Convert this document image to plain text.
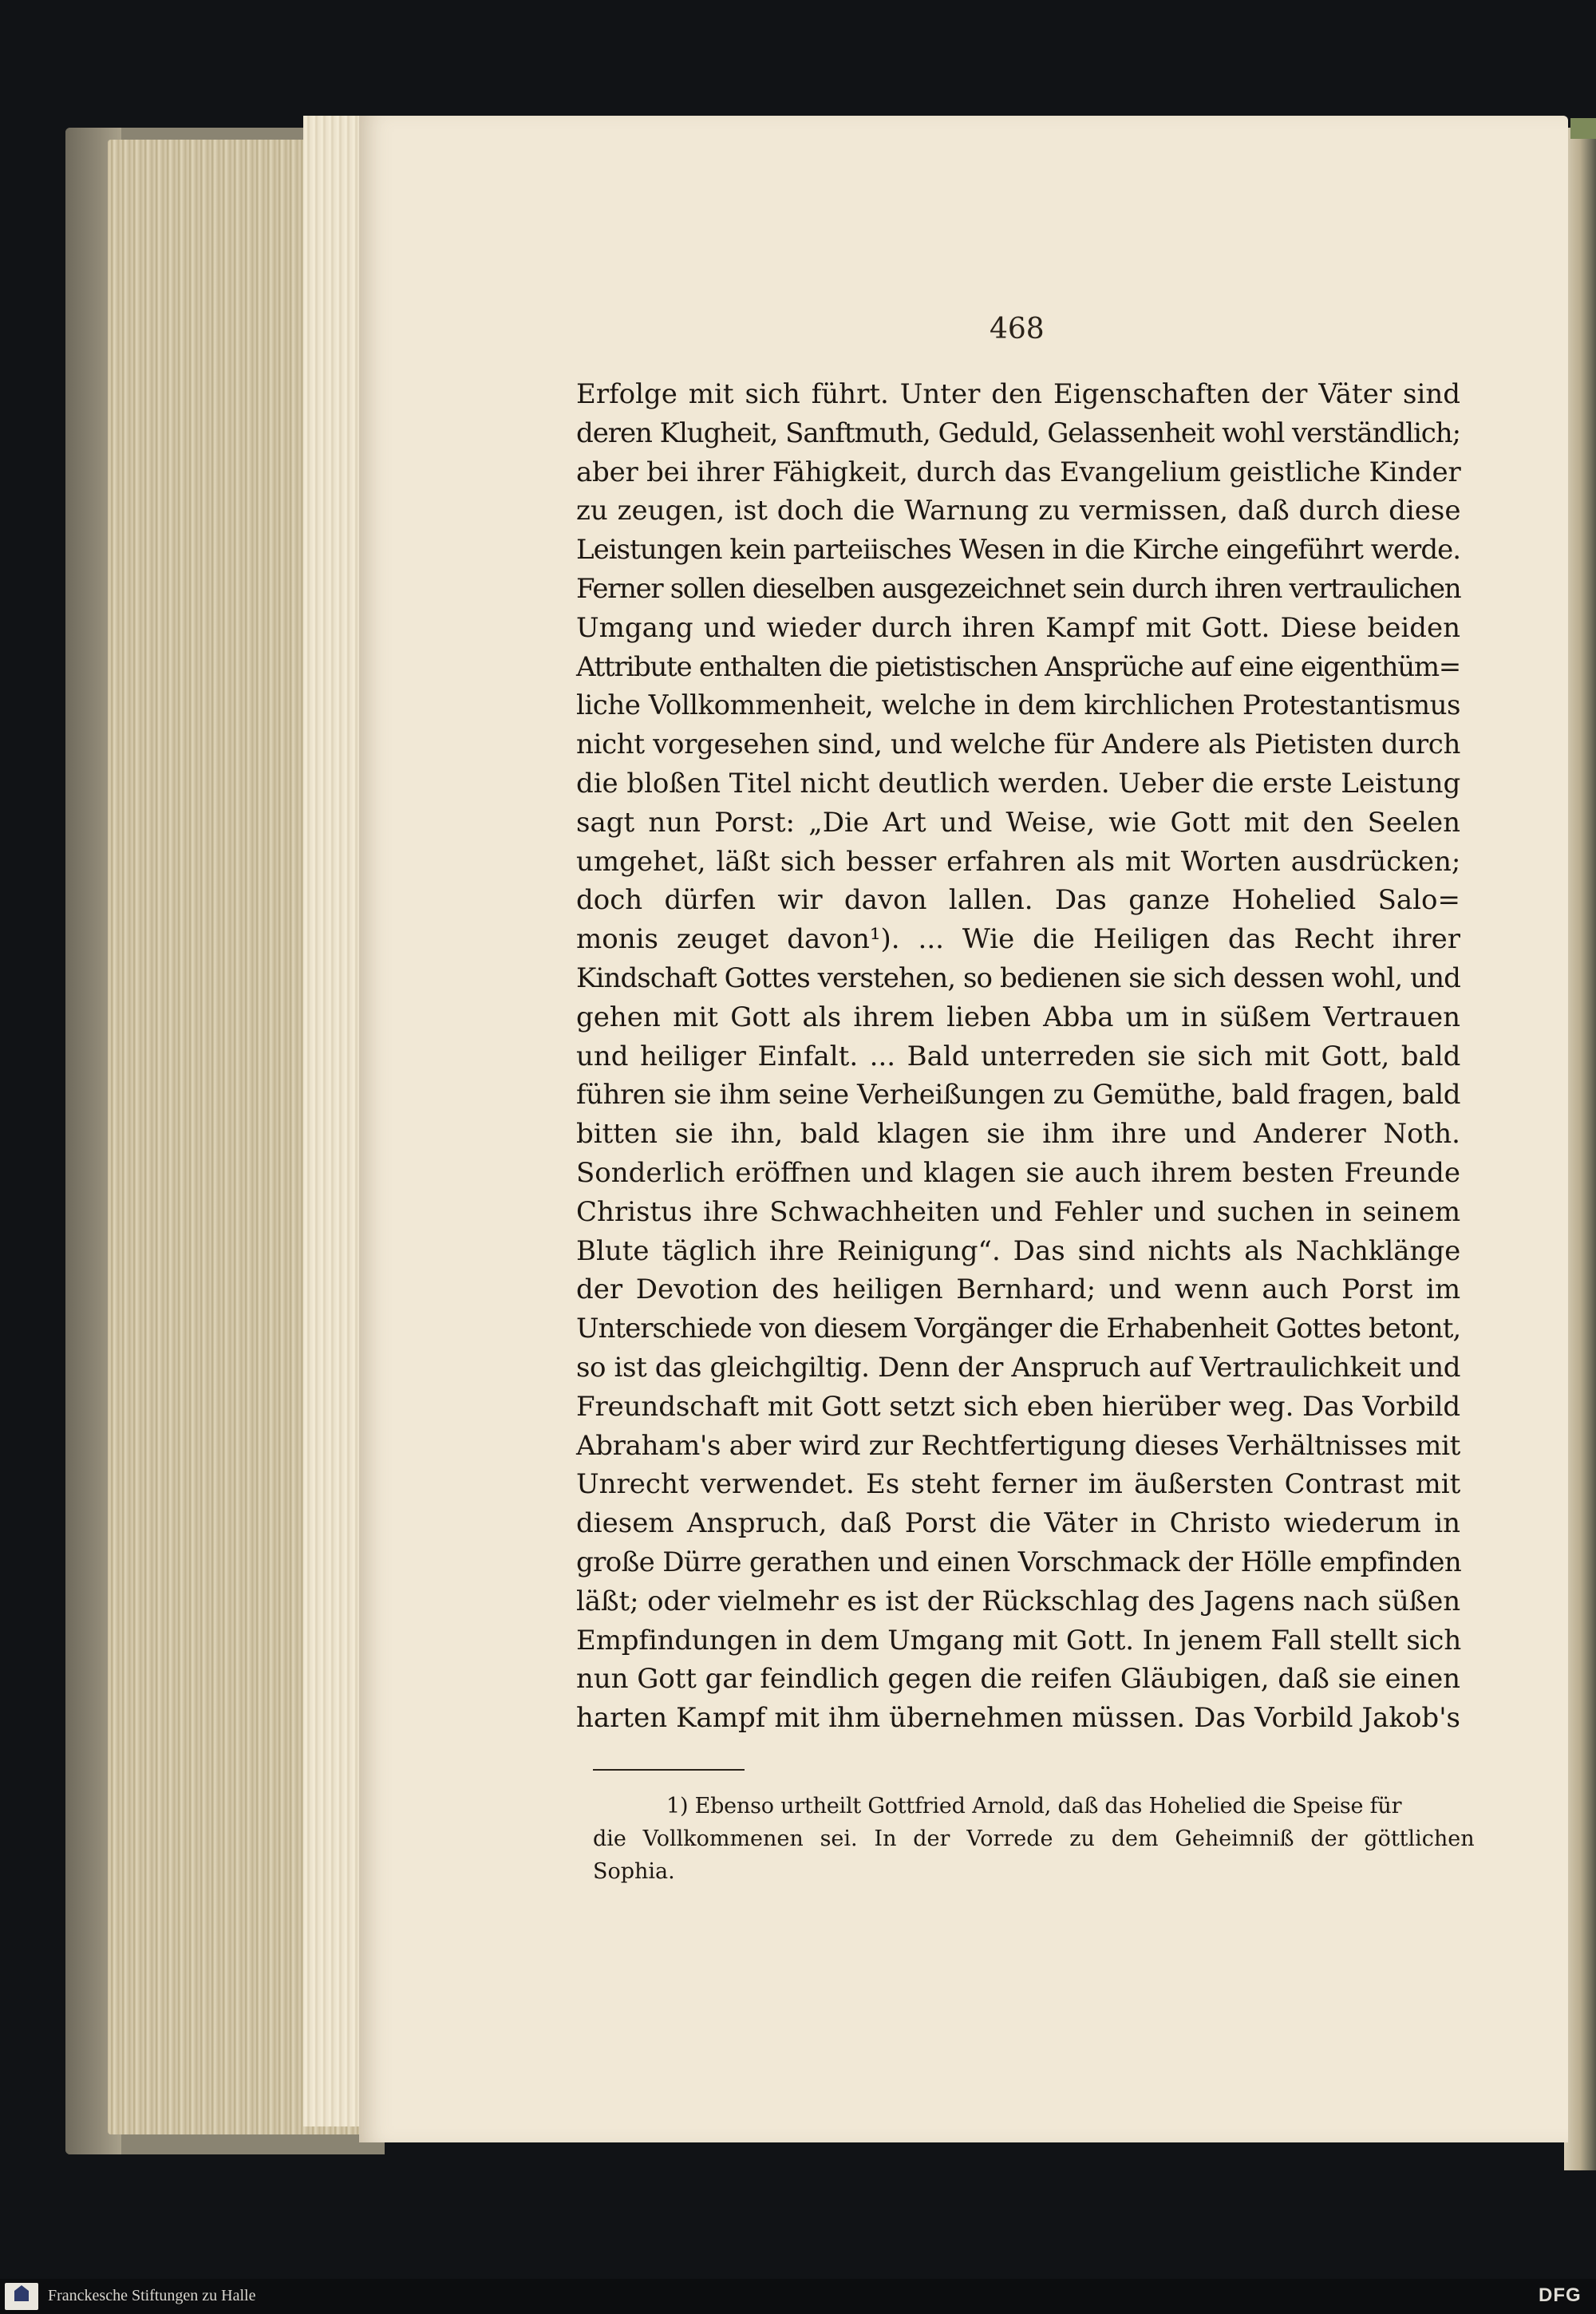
468
Erfolge mit sich führt. Unter den Eigenschaften der Väter sind
deren Klugheit, Sanftmuth, Geduld, Gelassenheit wohl verständlich;
aber bei ihrer Fähigkeit, durch das Evangelium geistliche Kinder
zu zeugen, ist doch die Warnung zu vermissen, daß durch diese
Leistungen kein parteiisches Wesen in die Kirche eingeführt werde.
Ferner sollen dieselben ausgezeichnet sein durch ihren vertraulichen
Umgang und wieder durch ihren Kampf mit Gott. Diese beiden
Attribute enthalten die pietistischen Ansprüche auf eine eigenthüm=
liche Vollkommenheit, welche in dem kirchlichen Protestantismus
nicht vorgesehen sind, und welche für Andere als Pietisten durch
die bloßen Titel nicht deutlich werden. Ueber die erste Leistung
sagt nun Porst: „Die Art und Weise, wie Gott mit den Seelen
umgehet, läßt sich besser erfahren als mit Worten ausdrücken;
doch dürfen wir davon lallen. Das ganze Hohelied Salo=
monis zeuget davon¹). ... Wie die Heiligen das Recht ihrer
Kindschaft Gottes verstehen, so bedienen sie sich dessen wohl, und
gehen mit Gott als ihrem lieben Abba um in süßem Vertrauen
und heiliger Einfalt. ... Bald unterreden sie sich mit Gott, bald
führen sie ihm seine Verheißungen zu Gemüthe, bald fragen, bald
bitten sie ihn, bald klagen sie ihm ihre und Anderer Noth.
Sonderlich eröffnen und klagen sie auch ihrem besten Freunde
Christus ihre Schwachheiten und Fehler und suchen in seinem
Blute täglich ihre Reinigung“. Das sind nichts als Nachklänge
der Devotion des heiligen Bernhard; und wenn auch Porst im
Unterschiede von diesem Vorgänger die Erhabenheit Gottes betont,
so ist das gleichgiltig. Denn der Anspruch auf Vertraulichkeit und
Freundschaft mit Gott setzt sich eben hierüber weg. Das Vorbild
Abraham's aber wird zur Rechtfertigung dieses Verhältnisses mit
Unrecht verwendet. Es steht ferner im äußersten Contrast mit
diesem Anspruch, daß Porst die Väter in Christo wiederum in
große Dürre gerathen und einen Vorschmack der Hölle empfinden
läßt; oder vielmehr es ist der Rückschlag des Jagens nach süßen
Empfindungen in dem Umgang mit Gott. In jenem Fall stellt sich
nun Gott gar feindlich gegen die reifen Gläubigen, daß sie einen
harten Kampf mit ihm übernehmen müssen. Das Vorbild Jakob's
1) Ebenso urtheilt Gottfried Arnold, daß das Hohelied die Speise für
die Vollkommenen sei. In der Vorrede zu dem Geheimniß der göttlichen
Sophia.
Franckesche Stiftungen zu Halle	DFG
